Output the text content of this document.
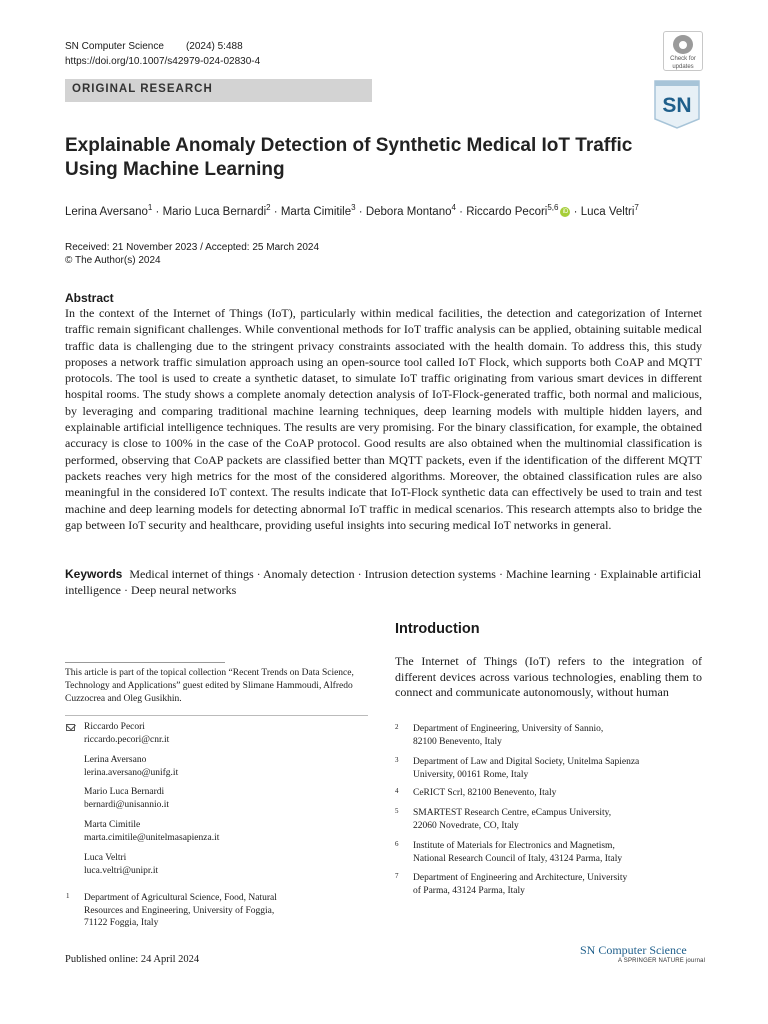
SN Computer Science (2024) 5:488
https://doi.org/10.1007/s42979-024-02830-4	Check for
updates
ORIGINAL RESEARCH
SN
Explainable Anomaly Detection of Synthetic Medical IoT Traffic Using Machine Learning
Lerina Aversano$^1$ · Mario Luca Bernardi$^2$ · Marta Cimitile$^3$ · Debora Montano$^4$ · Riccardo Pecori$^{5,6}$ iD · Luca Veltri$^7$
Received: 21 November 2023 / Accepted: 25 March 2024
© The Author(s) 2024
Abstract
In the context of the Internet of Things (IoT), particularly within medical facilities, the detection and categorization of Internet traffic remain significant challenges. While conventional methods for IoT traffic analysis can be applied, obtaining suitable medical traffic data is challenging due to the stringent privacy constraints associated with the health domain. To address this, this study proposes a network traffic simulation approach using an open-source tool called IoT Flock, which supports both CoAP and MQTT protocols. The tool is used to create a synthetic dataset, to simulate IoT traffic originating from various smart devices in different hospital rooms. The study shows a complete anomaly detection analysis of IoT-Flock-generated traffic, both normal and malicious, by leveraging and comparing traditional machine learning techniques, deep learning models with multiple hidden layers, and explainable artificial intelligence techniques. The results are very promising. For the binary classification, for example, the obtained accuracy is close to 100% in the case of the CoAP protocol. Good results are also obtained when the multinomial classification is performed, observing that CoAP packets are classified better than MQTT packets, even if the identification of the different MQTT packets reaches very high metrics for the most of the considered algorithms. Moreover, the obtained classification rules are also meaningful in the considered IoT context. The results indicate that IoT-Flock synthetic data can effectively be used to train and test machine and deep learning models for detecting abnormal IoT traffic in medical scenarios. This research attempts also to bridge the gap between IoT security and healthcare, providing useful insights into securing medical IoT networks in general.
Keywords Medical internet of things · Anomaly detection · Intrusion detection systems · Machine learning · Explainable artificial intelligence · Deep neural networks
Introduction
The Internet of Things (IoT) refers to the integration of different devices across various technologies, enabling them to connect and communicate autonomously, without human
This article is part of the topical collection “Recent Trends on Data Science, Technology and Applications” guest edited by Slimane Hammoudi, Alfredo Cuzzocrea and Oleg Gusikhin.
Riccardo Pecori
riccardo.pecori@cnr.it
Lerina Aversano
lerina.aversano@unifg.it
Mario Luca Bernardi
bernardi@unisannio.it
Marta Cimitile
marta.cimitile@unitelmasapienza.it
Luca Veltri
luca.veltri@unipr.it
1 Department of Agricultural Science, Food, Natural
Resources and Engineering, University of Foggia,
71122 Foggia, Italy
2 Department of Engineering, University of Sannio,
82100 Benevento, Italy
3 Department of Law and Digital Society, Unitelma Sapienza
University, 00161 Rome, Italy
4 CeRICT Scrl, 82100 Benevento, Italy
5 SMARTEST Research Centre, eCampus University,
22060 Novedrate, CO, Italy
6 Institute of Materials for Electronics and Magnetism,
National Research Council of Italy, 43124 Parma, Italy
7 Department of Engineering and Architecture, University
of Parma, 43124 Parma, Italy
Published online: 24 April 2024
SN Computer Science
A SPRINGER NATURE journal
